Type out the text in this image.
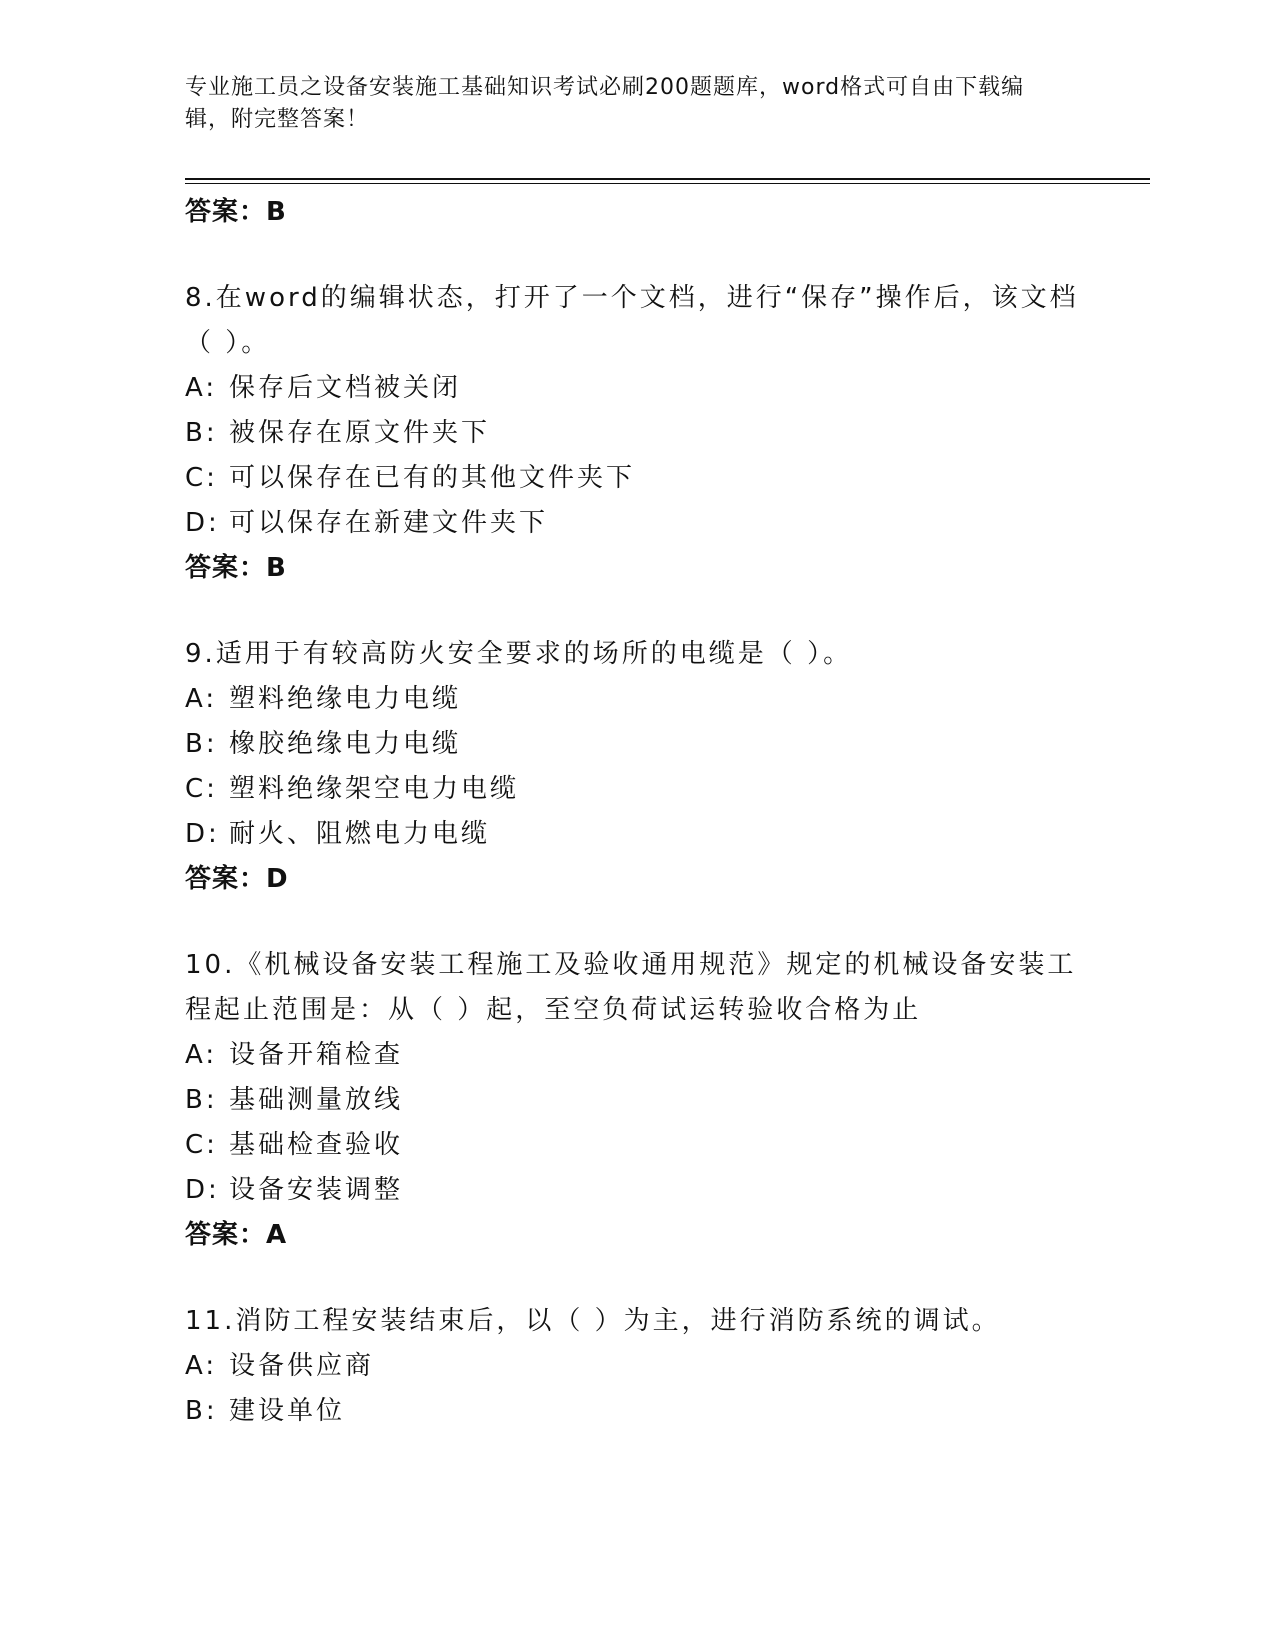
专业施工员之设备安装施工基础知识考试必刷200题题库，word格式可自由下载编辑，附完整答案！
答案：B

8.在word的编辑状态，打开了一个文档，进行“保存”操作后，该文档（ ）。

A: 保存后文档被关闭
B: 被保存在原文件夹下
C: 可以保存在已有的其他文件夹下
D: 可以保存在新建文件夹下
答案：B

9.适用于有较高防火安全要求的场所的电缆是（ ）。

A: 塑料绝缘电力电缆
B: 橡胶绝缘电力电缆
C: 塑料绝缘架空电力电缆
D: 耐火、阻燃电力电缆
答案：D

10.《机械设备安装工程施工及验收通用规范》规定的机械设备安装工程起止范围是：从（ ）起，至空负荷试运转验收合格为止

A: 设备开箱检查
B: 基础测量放线
C: 基础检查验收
D: 设备安装调整
答案：A

11.消防工程安装结束后，以（ ）为主，进行消防系统的调试。

A: 设备供应商
B: 建设单位
